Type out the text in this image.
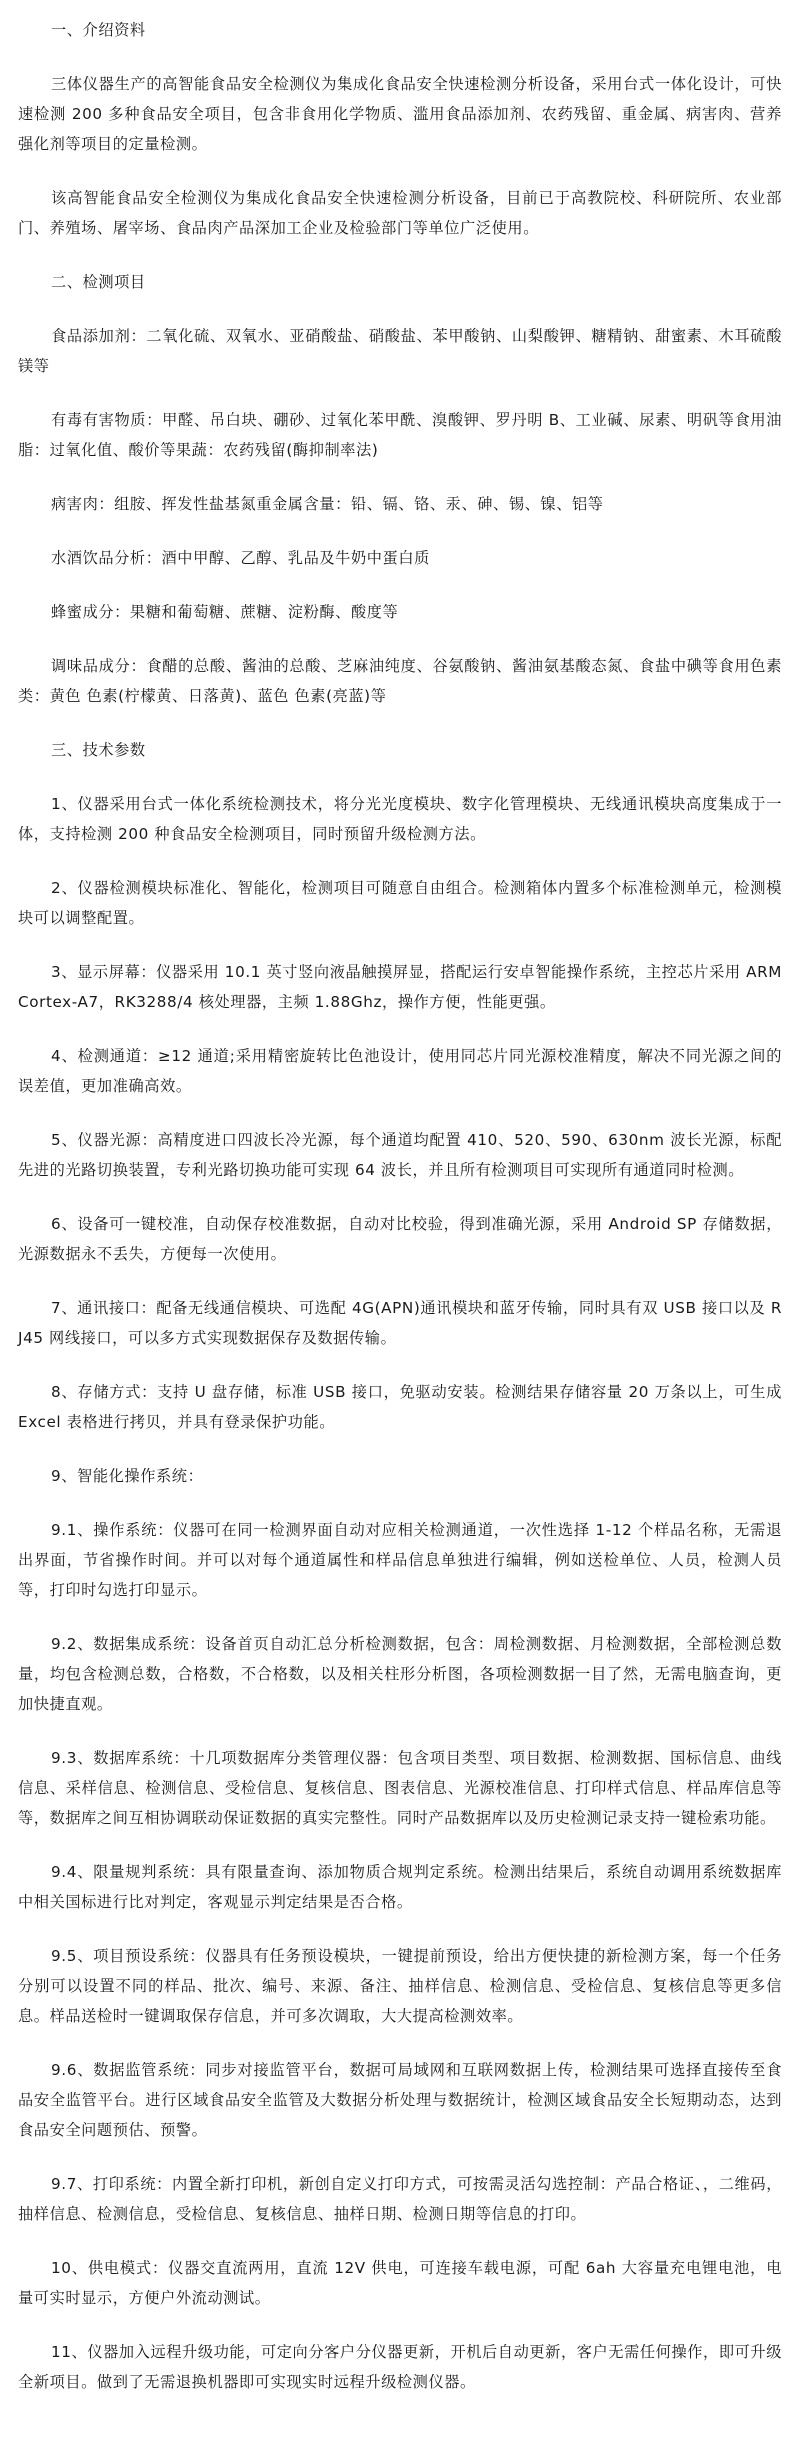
一、介绍资料

三体仪器生产的高智能食品安全检测仪为集成化食品安全快速检测分析设备，采用台式一体化设计，可快速检测 200 多种食品安全项目，包含非食用化学物质、滥用食品添加剂、农药残留、重金属、病害肉、营养强化剂等项目的定量检测。

该高智能食品安全检测仪为集成化食品安全快速检测分析设备，目前已于高教院校、科研院所、农业部门、养殖场、屠宰场、食品肉产品深加工企业及检验部门等单位广泛使用。

二、检测项目

食品添加剂：二氧化硫、双氧水、亚硝酸盐、硝酸盐、苯甲酸钠、山梨酸钾、糖精钠、甜蜜素、木耳硫酸镁等

有毒有害物质：甲醛、吊白块、硼砂、过氧化苯甲酰、溴酸钾、罗丹明 B、工业碱、尿素、明矾等食用油脂：过氧化值、酸价等果蔬：农药残留(酶抑制率法)

病害肉：组胺、挥发性盐基氮重金属含量：铅、镉、铬、汞、砷、锡、镍、铝等

水酒饮品分析：酒中甲醇、乙醇、乳品及牛奶中蛋白质

蜂蜜成分：果糖和葡萄糖、蔗糖、淀粉酶、酸度等

调味品成分：食醋的总酸、酱油的总酸、芝麻油纯度、谷氨酸钠、酱油氨基酸态氮、食盐中碘等食用色素类：黄色 色素(柠檬黄、日落黄)、蓝色 色素(亮蓝)等

三、技术参数

1、仪器采用台式一体化系统检测技术，将分光光度模块、数字化管理模块、无线通讯模块高度集成于一体，支持检测 200 种食品安全检测项目，同时预留升级检测方法。

2、仪器检测模块标准化、智能化，检测项目可随意自由组合。检测箱体内置多个标准检测单元，检测模块可以调整配置。

3、显示屏幕：仪器采用 10.1 英寸竖向液晶触摸屏显，搭配运行安卓智能操作系统，主控芯片采用 ARM Cortex-A7，RK3288/4 核处理器，主频 1.88Ghz，操作方便，性能更强。

4、检测通道：≥12 通道;采用精密旋转比色池设计，使用同芯片同光源校准精度，解决不同光源之间的误差值，更加准确高效。

5、仪器光源：高精度进口四波长冷光源，每个通道均配置 410、520、590、630nm 波长光源，标配先进的光路切换装置，专利光路切换功能可实现 64 波长，并且所有检测项目可实现所有通道同时检测。

6、设备可一键校准，自动保存校准数据，自动对比校验，得到准确光源，采用 Android SP 存储数据，光源数据永不丢失，方便每一次使用。

7、通讯接口：配备无线通信模块、可选配 4G(APN)通讯模块和蓝牙传输，同时具有双 USB 接口以及 RJ45 网线接口，可以多方式实现数据保存及数据传输。

8、存储方式：支持 U 盘存储，标准 USB 接口，免驱动安装。检测结果存储容量 20 万条以上，可生成 Excel 表格进行拷贝，并具有登录保护功能。

9、智能化操作系统：

9.1、操作系统：仪器可在同一检测界面自动对应相关检测通道，一次性选择 1-12 个样品名称，无需退出界面，节省操作时间。并可以对每个通道属性和样品信息单独进行编辑，例如送检单位、人员，检测人员等，打印时勾选打印显示。

9.2、数据集成系统：设备首页自动汇总分析检测数据，包含：周检测数据、月检测数据，全部检测总数量，均包含检测总数，合格数，不合格数，以及相关柱形分析图，各项检测数据一目了然，无需电脑查询，更加快捷直观。

9.3、数据库系统：十几项数据库分类管理仪器：包含项目类型、项目数据、检测数据、国标信息、曲线信息、采样信息、检测信息、受检信息、复核信息、图表信息、光源校准信息、打印样式信息、样品库信息等等，数据库之间互相协调联动保证数据的真实完整性。同时产品数据库以及历史检测记录支持一键检索功能。

9.4、限量规判系统：具有限量查询、添加物质合规判定系统。检测出结果后，系统自动调用系统数据库中相关国标进行比对判定，客观显示判定结果是否合格。

9.5、项目预设系统：仪器具有任务预设模块，一键提前预设，给出方便快捷的新检测方案，每一个任务分别可以设置不同的样品、批次、编号、来源、备注、抽样信息、检测信息、受检信息、复核信息等更多信息。样品送检时一键调取保存信息，并可多次调取，大大提高检测效率。

9.6、数据监管系统：同步对接监管平台，数据可局域网和互联网数据上传，检测结果可选择直接传至食品安全监管平台。进行区域食品安全监管及大数据分析处理与数据统计，检测区域食品安全长短期动态，达到食品安全问题预估、预警。

9.7、打印系统：内置全新打印机，新创自定义打印方式，可按需灵活勾选控制：产品合格证、，二维码，抽样信息、检测信息，受检信息、复核信息、抽样日期、检测日期等信息的打印。

10、供电模式：仪器交直流两用，直流 12V 供电，可连接车载电源，可配 6ah 大容量充电锂电池，电量可实时显示，方便户外流动测试。

11、仪器加入远程升级功能，可定向分客户分仪器更新，开机后自动更新，客户无需任何操作，即可升级全新项目。做到了无需退换机器即可实现实时远程升级检测仪器。
